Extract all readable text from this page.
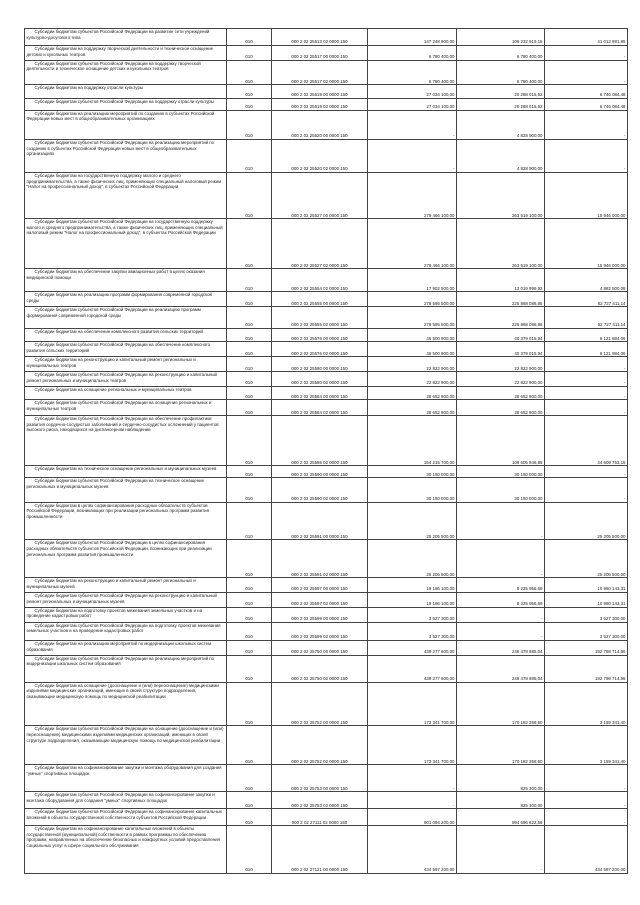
Субсидии бюджетам субъектов Российской Федерации на развитие сети учреждений культурно-досугового типа	010	000 2 02 25513 02 0000 150	147 248 900,00	106 232 919,15	41 012 981,85

Субсидии бюджетам на поддержку творческой деятельности и техническое оснащение детских и кукольных театров	010	000 2 02 25517 00 0000 150	6 780 400,00	6 780 400,00	-

Субсидии бюджетам субъектов Российской Федерации на поддержку творческой деятельности и техническое оснащение детских и кукольных театров	010	000 2 02 25517 02 0000 150	6 780 400,00	6 780 400,00	-

Субсидии бюджетам на поддержку отрасли культуры	010	000 2 02 25519 00 0000 150	27 034 100,00	20 288 015,52	6 746 084,48

Субсидии бюджетам субъектов Российской Федерации на поддержку отрасли культуры	010	000 2 02 25519 02 0000 150	27 034 100,00	20 288 015,52	6 746 084,48

Субсидии бюджетам на реализацию мероприятий по созданию в субъектах Российской Федерации новых мест в общеобразовательных организациях	010	000 2 02 25520 00 0000 150	-	4 828 900,00	-

Субсидии бюджетам субъектов Российской Федерации на реализацию мероприятий по созданию в субъектах Российской Федерации новых мест в общеобразовательных организациях	010	000 2 02 25520 02 0000 150	-	4 828 900,00	-

Субсидии бюджетам на государственную поддержку малого и среднего предпринимательства, а также физических лиц, применяющих специальный налоговый режим "Налог на профессиональный доход", в субъектах Российской Федерации	010	000 2 02 25527 00 0000 150	279 466 100,00	263 519 100,00	15 946 000,00

Субсидии бюджетам субъектов Российской Федерации на государственную поддержку малого и среднего предпринимательства, а также физических лиц, применяющих специальный налоговый режим "Налог на профессиональный доход", в субъектах Российской Федерации	010	000 2 02 25527 02 0000 150	279 466 100,00	263 519 100,00	15 946 000,00

Субсидии бюджетам на обеспечение закупки авиационных работ в целях оказания медицинской помощи	010	000 2 02 25554 02 0000 150	17 902 500,00	13 019 999,92	4 882 500,08

Субсидии бюджетам на реализацию программ формирования современной городской среды	010	000 2 02 25555 00 0000 150	278 595 500,00	225 868 088,86	52 727 411,14

Субсидии бюджетам субъектов Российской Федерации на реализацию программ формирования современной городской среды	010	000 2 02 25555 02 0000 150	278 595 500,00	225 868 088,86	52 727 411,14

Субсидии бюджетам на обеспечение комплексного развития сельских территорий	010	000 2 02 25576 00 0000 150	46 500 900,00	40 379 015,94	6 121 884,06

Субсидии бюджетам субъектов Российской Федерации на обеспечение комплексного развития сельских территорий	010	000 2 02 25576 02 0000 150	46 500 900,00	40 379 015,94	6 121 884,06

Субсидии бюджетам на реконструкцию и капитальный ремонт региональных и муниципальных театров	010	000 2 02 25580 00 0000 150	22 822 900,00	22 822 900,00	-

Субсидии бюджетам субъектов Российской Федерации на реконструкцию и капитальный ремонт региональных и муниципальных театров	010	000 2 02 25580 02 0000 150	22 822 900,00	22 822 900,00	-

Субсидии бюджетам на оснащение региональных и муниципальных театров	010	000 2 02 25584 00 0000 150	28 652 900,00	28 652 900,00	-

Субсидии бюджетам субъектов Российской Федерации на оснащение региональных и муниципальных театров	010	000 2 02 25584 02 0000 150	28 652 900,00	28 652 900,00	-

Субсидии бюджетам субъектов Российской Федерации на обеспечение профилактики развития сердечно-сосудистых заболеваний и сердечно-сосудистых осложнений у пациентов высокого риска, находящихся на диспансерном наблюдении	010	000 2 02 25586 02 0000 150	154 215 700,00	109 605 946,85	44 609 753,15

Субсидии бюджетам на техническое оснащение региональных и муниципальных музеев	010	000 2 02 25590 00 0000 150	30 150 000,00	30 150 000,00	-

Субсидии бюджетам субъектов Российской Федерации на техническое оснащение региональных и муниципальных музеев	010	000 2 02 25590 02 0000 150	30 150 000,00	30 150 000,00	-

Субсидии бюджетам в целях софинансирования расходных обязательств субъектов Российской Федерации, возникающих при реализации региональных программ развития промышленности	010	000 2 02 25591 00 0000 150	25 205 500,00	-	25 205 500,00

Субсидии бюджетам субъектов Российской Федерации в целях софинансирования расходных обязательств субъектов Российской Федерации, возникающих при реализации региональных программ развития промышленности	010	000 2 02 25591 02 0000 150	25 205 500,00	-	25 205 500,00

Субсидии бюджетам на реконструкцию и капитальный ремонт региональных и муниципальных музеев	010	000 2 02 25597 00 0000 150	19 186 100,00	8 225 956,69	10 960 143,31

Субсидии бюджетам субъектов Российской Федерации на реконструкцию и капитальный ремонт региональных и муниципальных музеев	010	000 2 02 25597 02 0000 150	19 186 100,00	8 225 956,69	10 960 143,31

Субсидии бюджетам на подготовку проектов межевания земельных участков и на проведение кадастровых работ	010	000 2 02 25599 00 0000 150	3 527 300,00	-	3 527 300,00

Субсидии бюджетам субъектов Российской Федерации на подготовку проектов межевания земельных участков и на проведение кадастровых работ	010	000 2 02 25599 02 0000 150	3 527 300,00	-	3 527 300,00

Субсидии бюджетам на реализацию мероприятий по модернизации школьных систем образования	010	000 2 02 25750 00 0000 150	439 277 600,00	246 478 885,04	192 798 714,96

Субсидии бюджетам субъектов Российской Федерации на реализацию мероприятий по модернизации школьных систем образования	010	000 2 02 25750 02 0000 150	439 277 600,00	246 478 885,04	192 798 714,96

Субсидии бюджетам на оснащение (дооснащение и (или) переоснащение) медицинскими изделиями медицинских организаций, имеющих в своей структуре подразделения, оказывающие медицинскую помощь по медицинской реабилитации	010	000 2 02 25752 00 0000 150	173 341 700,00	170 182 358,60	3 159 341,40

Субсидии бюджетам субъектов Российской Федерации на оснащение (дооснащение и (или) переоснащение) медицинскими изделиями медицинских организаций, имеющих в своей структуре подразделения, оказывающие медицинскую помощь по медицинской реабилитации	010	000 2 02 25752 02 0000 150	173 341 700,00	170 182 358,60	3 159 341,40

Субсидии бюджетам на софинансирование закупки и монтажа оборудования для создания "умных" спортивных площадок	010	000 2 02 25753 00 0000 150	-	825 300,00	-

Субсидии бюджетам субъектов Российской Федерации на софинансирование закупки и монтажа оборудования для создания "умных" спортивных площадок	010	000 2 02 25753 02 0000 150	-	825 300,00	-

Субсидии бюджетам субъектов Российской Федерации на софинансирование капитальных вложений в объекты государственной собственности субъектов Российской Федерации	010	000 2 02 27111 02 0000 150	901 094 200,00	994 696 822,56	-

Субсидии бюджетам на софинансирование капитальных вложений в объекты государственной (муниципальной) собственности в рамках программы по обеспечению программ, направленных на обеспечение безопасных и комфортных условий предоставления социальных услуг в сфере социального обслуживания	010	000 2 02 27121 00 0000 150	434 597 200,00	-	434 597 200,00
